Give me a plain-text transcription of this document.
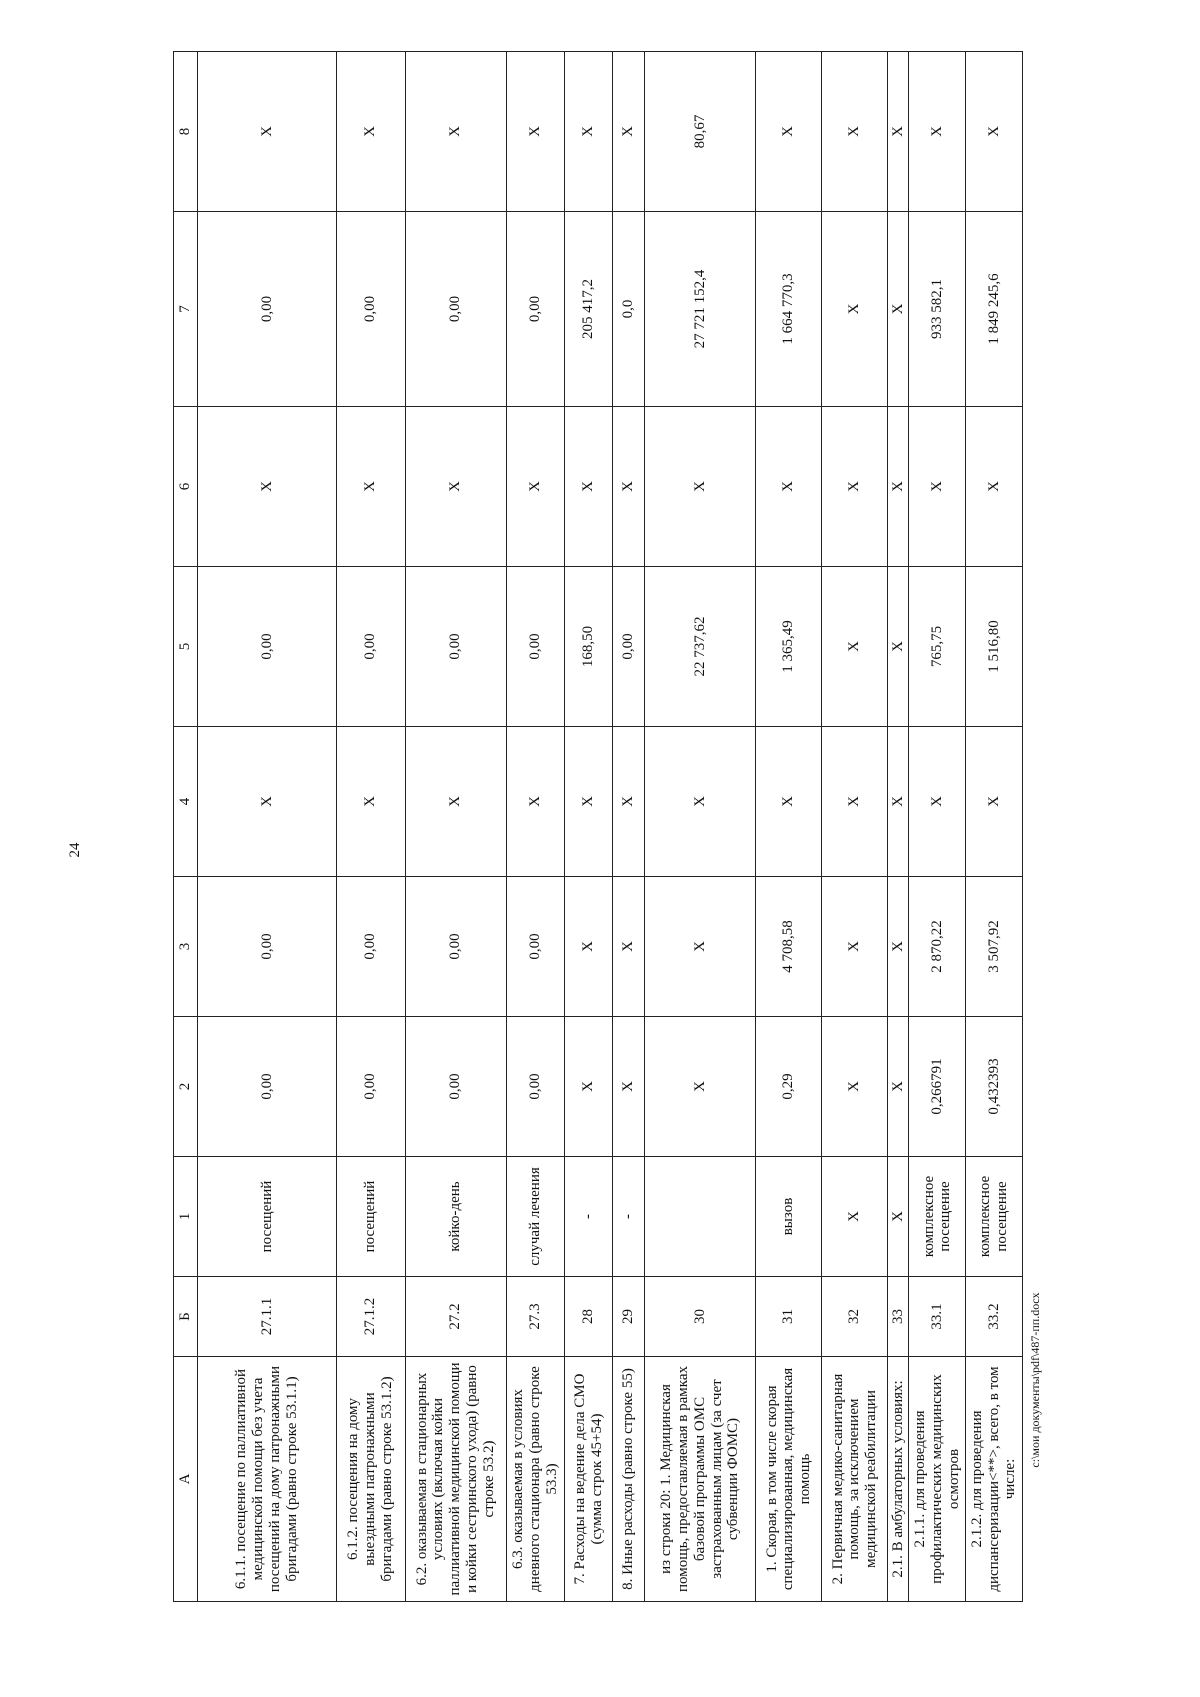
24
А	Б	1	2	3	4	5	6	7	8
6.1.1. посещение по паллиативной медицинской помощи без учета посещений на дому патронажными бригадами (равно строке 53.1.1)	27.1.1	посещений	0,00	0,00	Х	0,00	Х	0,00	Х
6.1.2. посещения на дому выездными патронажными бригадами (равно строке 53.1.2)	27.1.2	посещений	0,00	0,00	Х	0,00	Х	0,00	Х
6.2. оказываемая в стационарных условиях (включая койки паллиативной медицинской помощи и койки сестринского ухода) (равно строке 53.2)	27.2	койко-день	0,00	0,00	Х	0,00	Х	0,00	Х
6.3. оказываемая в условиях дневного стационара (равно строке 53.3)	27.3	случай лечения	0,00	0,00	Х	0,00	Х	0,00	Х
7. Расходы на ведение дела СМО (сумма строк 45+54)	28	-	Х	Х	Х	168,50	Х	205 417,2	Х
8. Иные расходы (равно строке 55)	29	-	Х	Х	Х	0,00	Х	0,0	Х
из строки 20: 1. Медицинская помощь, предоставляемая в рамках базовой программы ОМС застрахованным лицам (за счет субвенции ФОМС)	30		Х	Х	Х	22 737,62	Х	27 721 152,4	80,67
1. Скорая, в том числе скорая специализированная, медицинская помощь	31	вызов	0,29	4 708,58	Х	1 365,49	Х	1 664 770,3	Х
2. Первичная медико-санитарная помощь, за исключением медицинской реабилитации	32	Х	Х	Х	Х	Х	Х	Х	Х
2.1. В амбулаторных условиях:	33	Х	Х	Х	Х	Х	Х	Х	Х
2.1.1. для проведения профилактических медицинских осмотров	33.1	комплексное посещение	0,266791	2 870,22	Х	765,75	Х	933 582,1	Х
2.1.2. для проведения диспансеризации<**>, всего, в том числе:	33.2	комплексное посещение	0,432393	3 507,92	Х	1 516,80	Х	1 849 245,6	Х
c:\мои документы\pdf\487-пп.docx
